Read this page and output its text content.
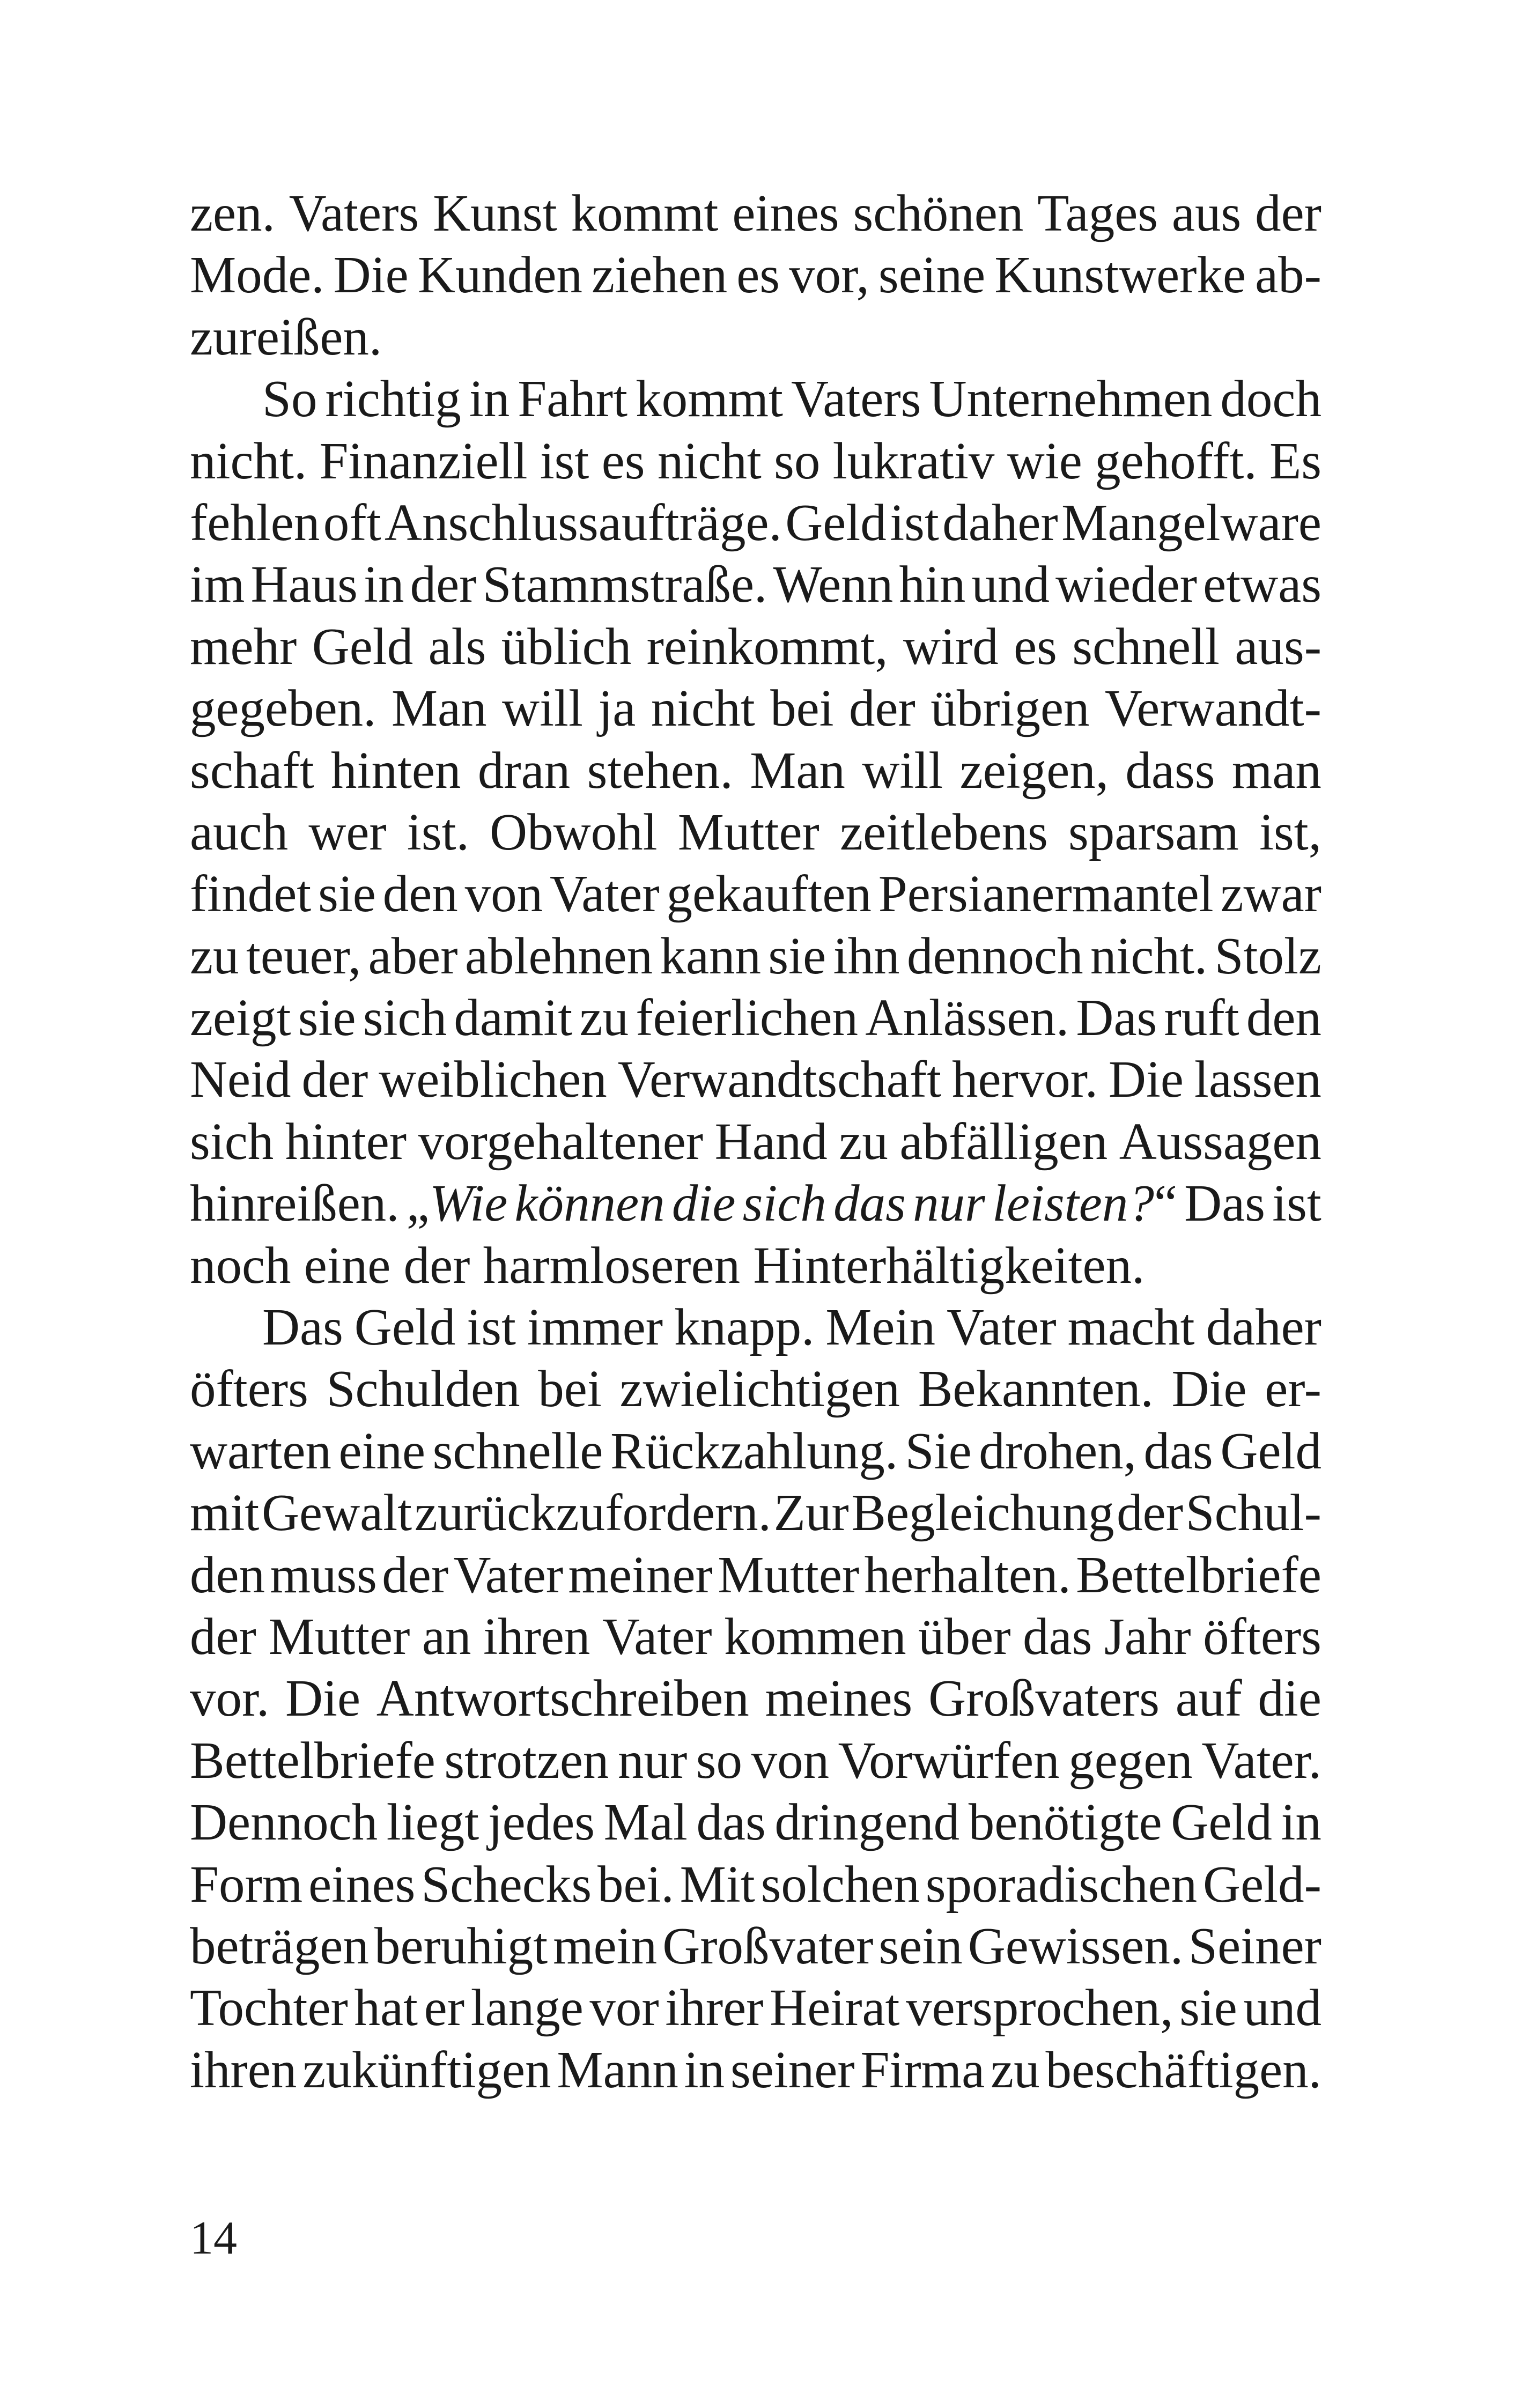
zen. Vaters Kunst kommt eines schönen Tages aus der
Mode. Die Kunden ziehen es vor, seine Kunstwerke ab-
zureißen.
So richtig in Fahrt kommt Vaters Unternehmen doch
nicht. Finanziell ist es nicht so lukrativ wie gehofft. Es
fehlen oft Anschlussaufträge. Geld ist daher Mangelware
im Haus in der Stammstraße. Wenn hin und wieder etwas
mehr Geld als üblich reinkommt, wird es schnell aus-
gegeben. Man will ja nicht bei der übrigen Verwandt-
schaft hinten dran stehen. Man will zeigen, dass man
auch wer ist. Obwohl Mutter zeitlebens sparsam ist,
findet sie den von Vater gekauften Persianermantel zwar
zu teuer, aber ablehnen kann sie ihn dennoch nicht. Stolz
zeigt sie sich damit zu feierlichen Anlässen. Das ruft den
Neid der weiblichen Verwandtschaft hervor. Die lassen
sich hinter vorgehaltener Hand zu abfälligen Aussagen
hinreißen. „Wie können die sich das nur leisten?“ Das ist
noch eine der harmloseren Hinterhältigkeiten.
Das Geld ist immer knapp. Mein Vater macht daher
öfters Schulden bei zwielichtigen Bekannten. Die er-
warten eine schnelle Rückzahlung. Sie drohen, das Geld
mit Gewalt zurückzufordern. Zur Begleichung der Schul-
den muss der Vater meiner Mutter herhalten. Bettelbriefe
der Mutter an ihren Vater kommen über das Jahr öfters
vor. Die Antwortschreiben meines Großvaters auf die
Bettelbriefe strotzen nur so von Vorwürfen gegen Vater.
Dennoch liegt jedes Mal das dringend benötigte Geld in
Form eines Schecks bei. Mit solchen sporadischen Geld-
beträgen beruhigt mein Großvater sein Gewissen. Seiner
Tochter hat er lange vor ihrer Heirat versprochen, sie und
ihren zukünftigen Mann in seiner Firma zu beschäftigen.
14
